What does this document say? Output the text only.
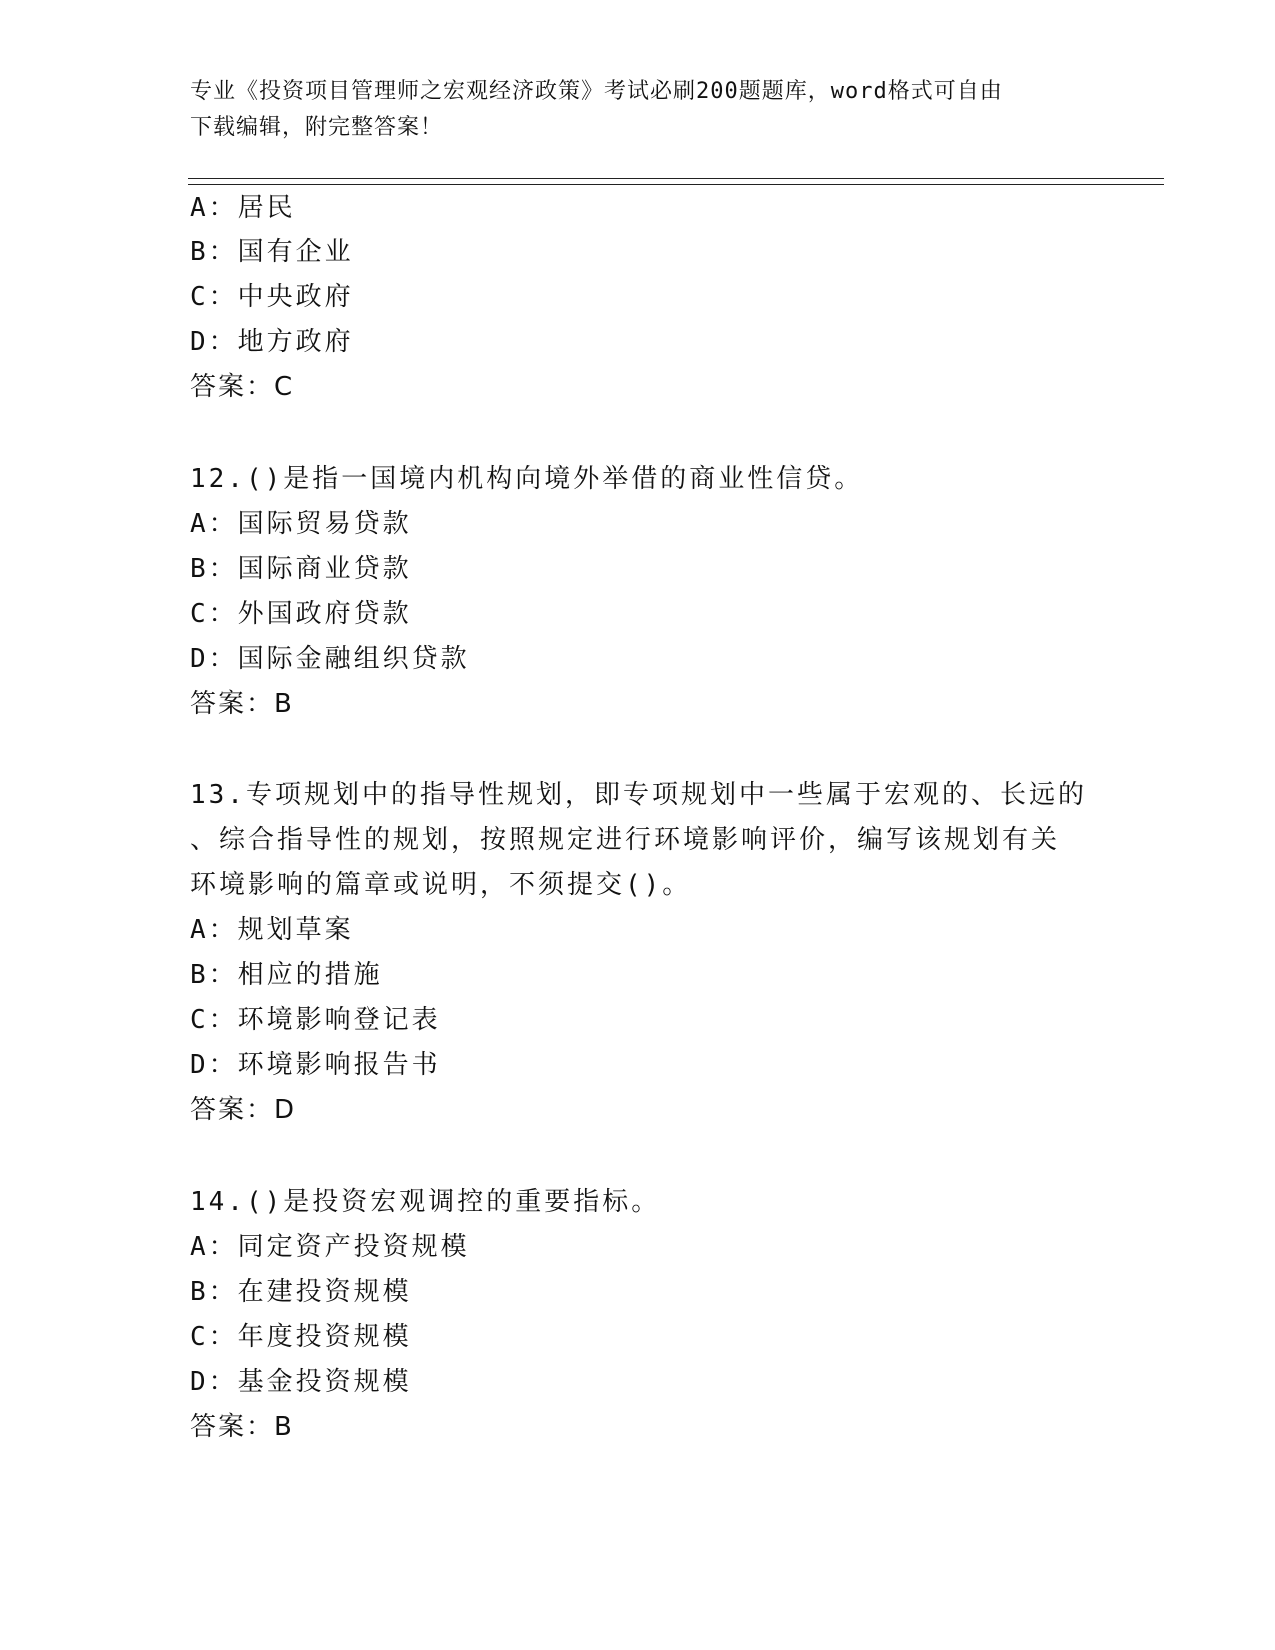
专业《投资项目管理师之宏观经济政策》考试必刷200题题库，word格式可自由
下载编辑，附完整答案！
A：居民
B：国有企业
C：中央政府
D：地方政府
答案：C
12.()是指一国境内机构向境外举借的商业性信贷。
A：国际贸易贷款
B：国际商业贷款
C：外国政府贷款
D：国际金融组织贷款
答案：B
13.专项规划中的指导性规划，即专项规划中一些属于宏观的、长远的
、综合指导性的规划，按照规定进行环境影响评价，编写该规划有关
环境影响的篇章或说明，不须提交()。
A：规划草案
B：相应的措施
C：环境影响登记表
D：环境影响报告书
答案：D
14.()是投资宏观调控的重要指标。
A：同定资产投资规模
B：在建投资规模
C：年度投资规模
D：基金投资规模
答案：B
